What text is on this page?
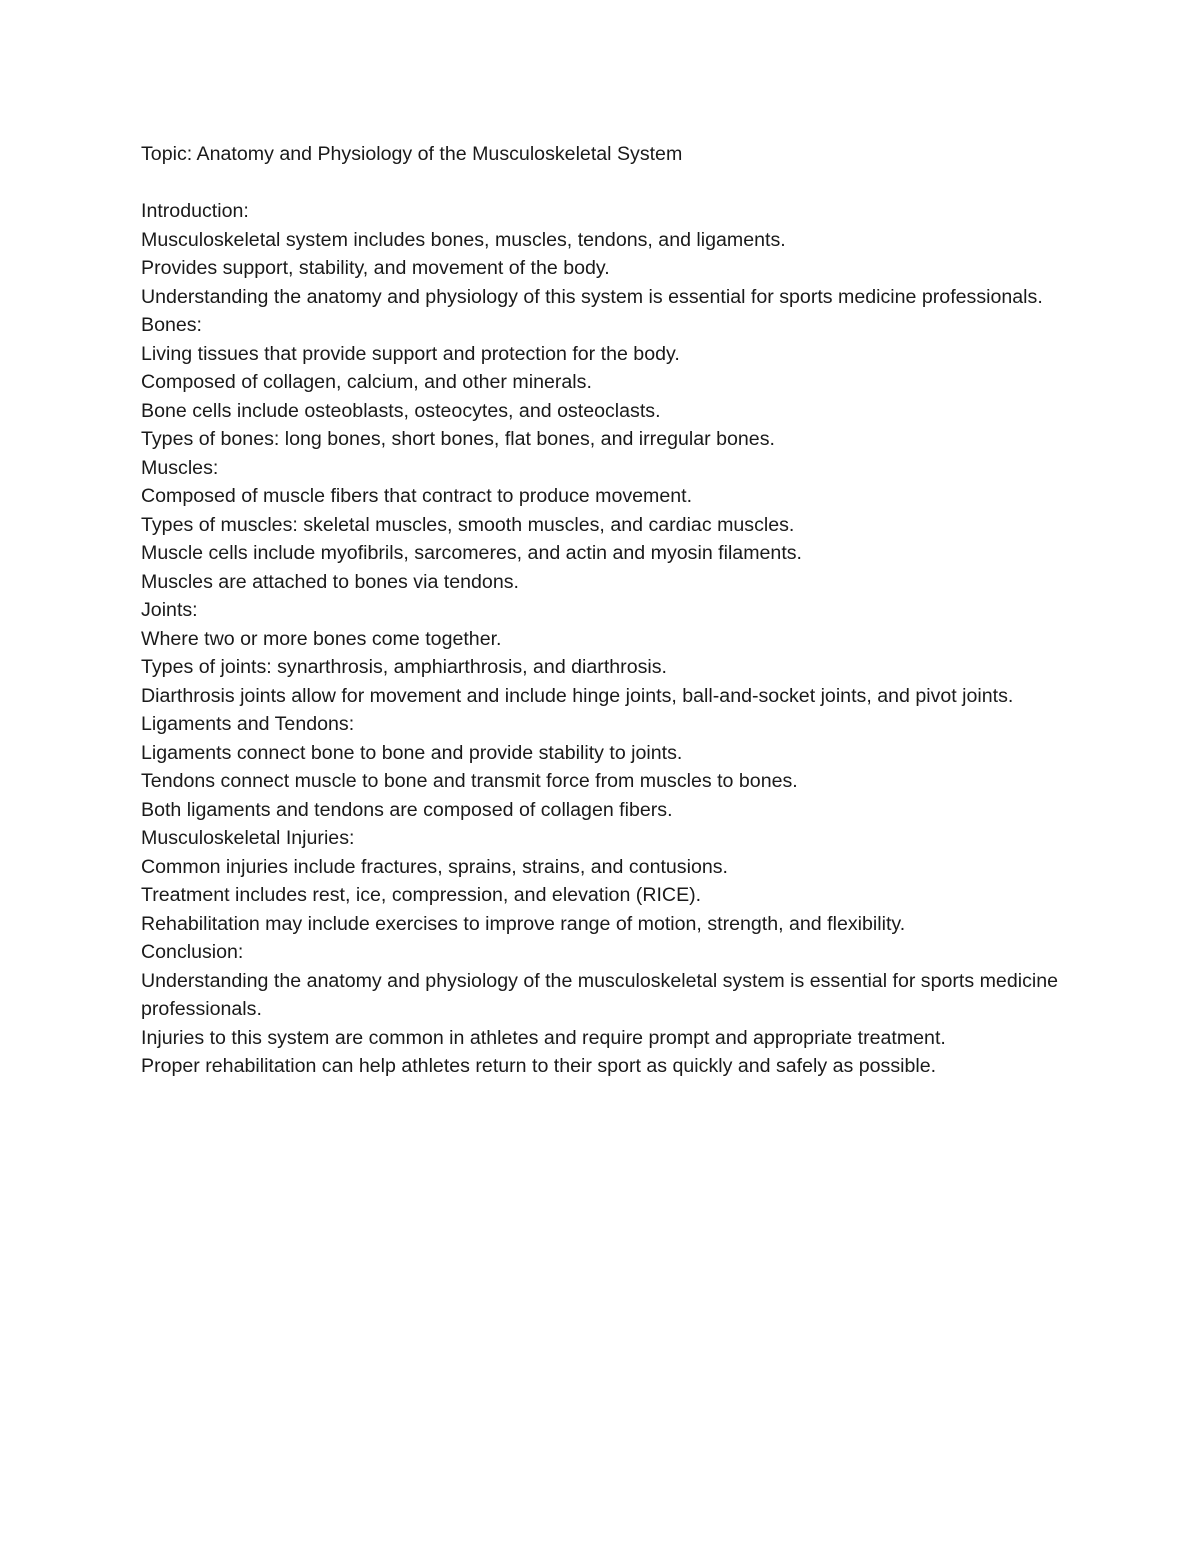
Topic: Anatomy and Physiology of the Musculoskeletal System

Introduction:

Musculoskeletal system includes bones, muscles, tendons, and ligaments.

Provides support, stability, and movement of the body.

Understanding the anatomy and physiology of this system is essential for sports medicine professionals.

Bones:

Living tissues that provide support and protection for the body.

Composed of collagen, calcium, and other minerals.

Bone cells include osteoblasts, osteocytes, and osteoclasts.

Types of bones: long bones, short bones, flat bones, and irregular bones.

Muscles:

Composed of muscle fibers that contract to produce movement.

Types of muscles: skeletal muscles, smooth muscles, and cardiac muscles.

Muscle cells include myofibrils, sarcomeres, and actin and myosin filaments.

Muscles are attached to bones via tendons.

Joints:

Where two or more bones come together.

Types of joints: synarthrosis, amphiarthrosis, and diarthrosis.

Diarthrosis joints allow for movement and include hinge joints, ball-and-socket joints, and pivot joints.

Ligaments and Tendons:

Ligaments connect bone to bone and provide stability to joints.

Tendons connect muscle to bone and transmit force from muscles to bones.

Both ligaments and tendons are composed of collagen fibers.

Musculoskeletal Injuries:

Common injuries include fractures, sprains, strains, and contusions.

Treatment includes rest, ice, compression, and elevation (RICE).

Rehabilitation may include exercises to improve range of motion, strength, and flexibility.

Conclusion:

Understanding the anatomy and physiology of the musculoskeletal system is essential for sports medicine professionals.

Injuries to this system are common in athletes and require prompt and appropriate treatment.

Proper rehabilitation can help athletes return to their sport as quickly and safely as possible.
